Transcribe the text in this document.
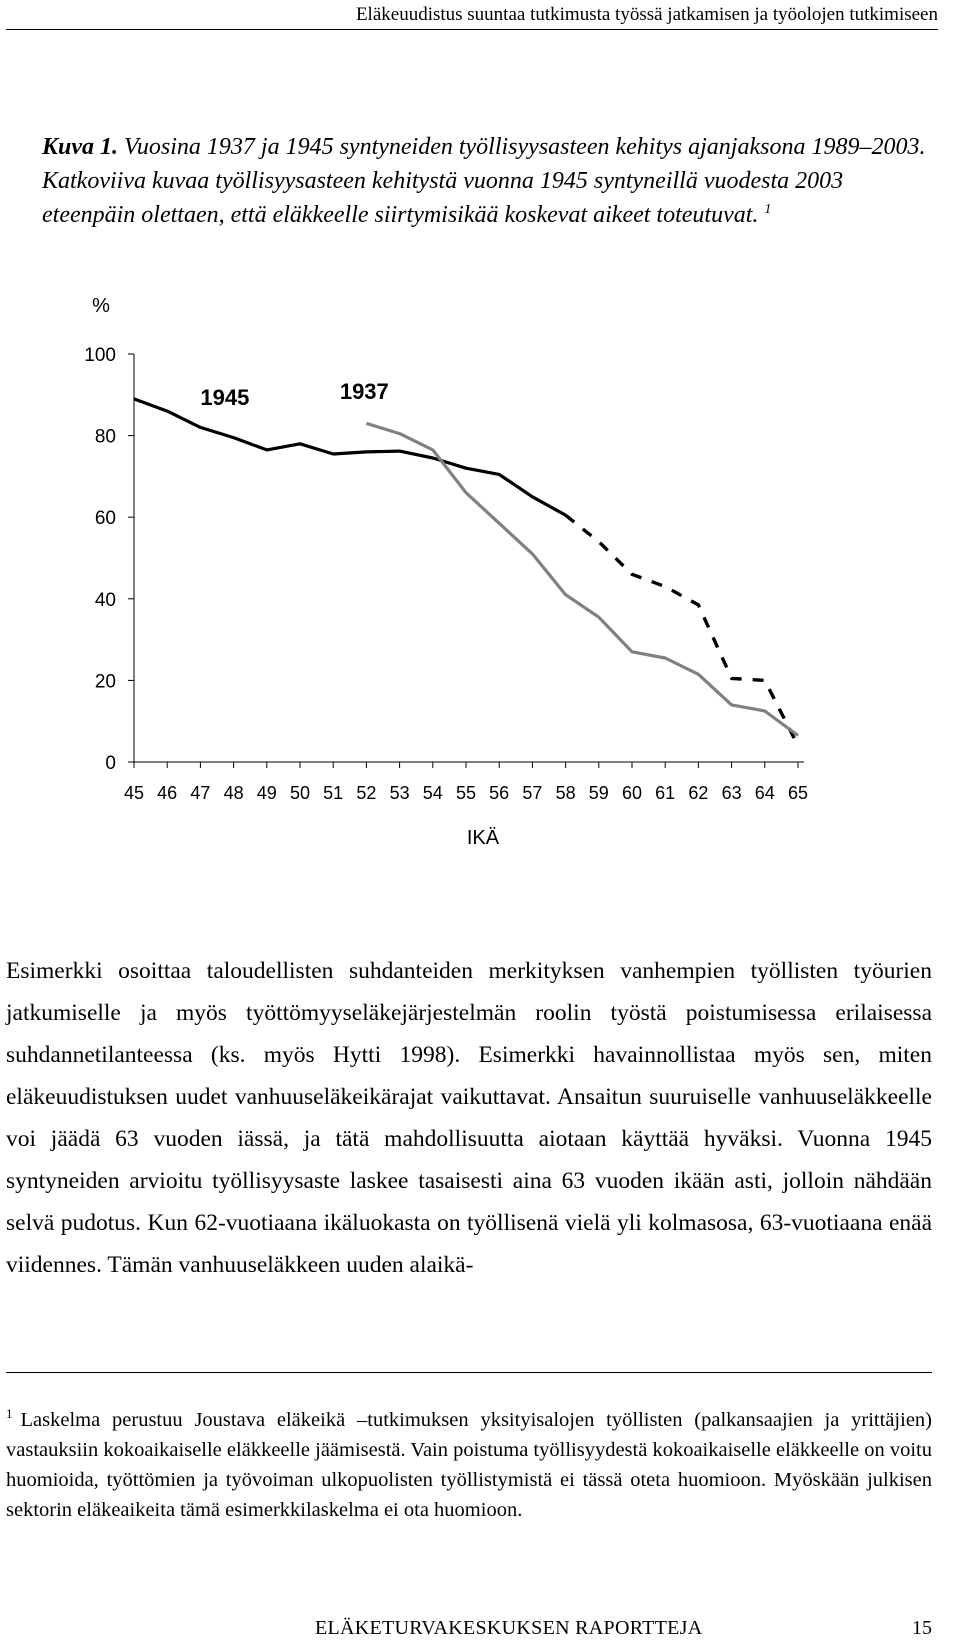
Eläkeuudistus suuntaa tutkimusta työssä jatkamisen ja työolojen tutkimiseen
Kuva 1. Vuosina 1937 ja 1945 syntyneiden työllisyysasteen kehitys ajanjaksona 1989–2003. Katkoviiva kuvaa työllisyysasteen kehitystä vuonna 1945 syntyneillä vuodesta 2003 eteenpäin olettaen, että eläkkeelle siirtymisikää koskevat aikeet toteutuvat. $^1$
0
20
40
60
80
100
%
45 46 47 48 49 50 51 52 53 54 55 56 57 58 59 60 61 62 63 64 65
IKÄ
1945	1937

Esimerkki osoittaa taloudellisten suhdanteiden merkityksen vanhempien työllisten työurien jatkumiselle ja myös työttömyyseläkejärjestelmän roolin työstä poistumisessa erilaisessa suhdannetilanteessa (ks. myös Hytti 1998). Esimerkki havainnollistaa myös sen, miten eläkeuudistuksen uudet vanhuuseläkeikärajat vaikuttavat. Ansaitun suuruiselle vanhuuseläkkeelle voi jäädä 63 vuoden iässä, ja tätä mahdollisuutta aiotaan käyttää hyväksi. Vuonna 1945 syntyneiden arvioitu työllisyysaste laskee tasaisesti aina 63 vuoden ikään asti, jolloin nähdään selvä pudotus. Kun 62-vuotiaana ikäluokasta on työllisenä vielä yli kolmasosa, 63-vuotiaana enää viidennes. Tämän vanhuuseläkkeen uuden alaikä-

$^1$ Laskelma perustuu Joustava eläkeikä –tutkimuksen yksityisalojen työllisten (palkansaajien ja yrittäjien) vastauksiin kokoaikaiselle eläkkeelle jäämisestä. Vain poistuma työllisyydestä kokoaikaiselle eläkkeelle on voitu huomioida, työttömien ja työvoiman ulkopuolisten työllistymistä ei tässä oteta huomioon. Myöskään julkisen sektorin eläkeaikeita tämä esimerkkilaskelma ei ota huomioon.

ELÄKETURVAKESKUKSEN RAPORTTEJA	15
